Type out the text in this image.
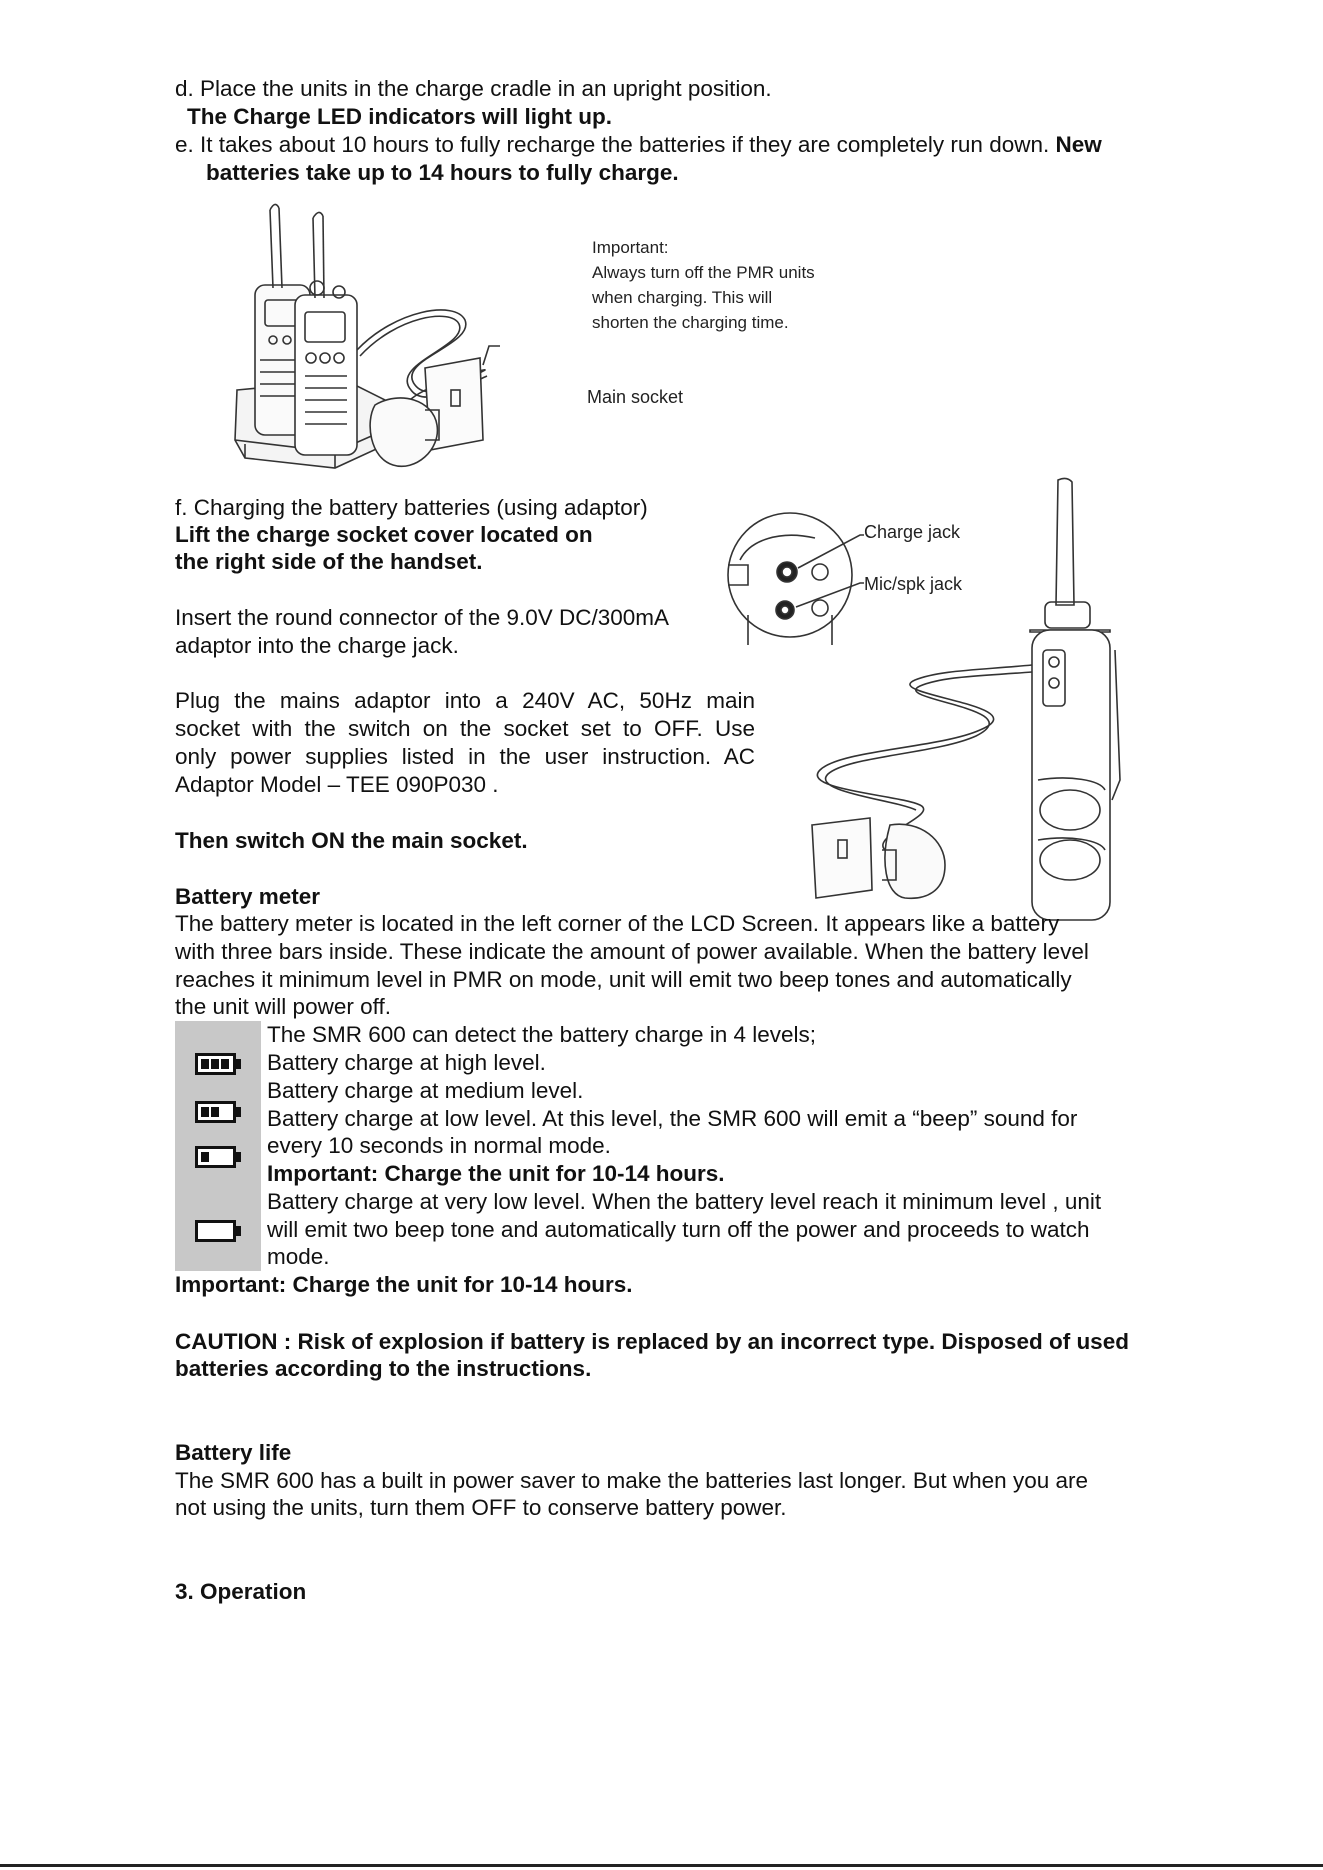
d. Place the units in the charge cradle in an upright position.
The Charge LED indicators will light up.
e. It takes about 10 hours to fully recharge the batteries if they are completely run down. New
batteries take up to 14 hours to fully charge.
Important:
Always turn off the PMR units
when charging. This will
shorten the charging time.
Main socket
f. Charging the battery batteries (using adaptor)
Lift the charge socket cover located on
the right side of the handset.
Insert the round connector of the 9.0V DC/300mA
adaptor into the charge jack.
Plug the mains adaptor into a 240V AC, 50Hz main
socket with the switch on the socket set to OFF. Use
only power supplies listed in the user instruction. AC
Adaptor Model – TEE 090P030 .
Then switch ON the main socket.
Charge jack
Mic/spk jack
Battery meter
The battery meter is located in the left corner of the LCD Screen. It appears like a battery
with three bars inside. These indicate the amount of power available. When the battery level
reaches it minimum level in PMR on mode, unit will emit two beep tones and automatically
the unit will power off.
The SMR 600 can detect the battery charge in 4 levels;
Battery charge at high level.
Battery charge at medium level.
Battery charge at low level. At this level, the SMR 600 will emit a “beep” sound for
every 10 seconds in normal mode.
Important: Charge the unit for 10-14 hours.
Battery charge at very low level. When the battery level reach it minimum level , unit
will emit two beep tone and automatically turn off the power and proceeds to watch
mode.
Important: Charge the unit for 10-14 hours.
CAUTION : Risk of explosion if battery is replaced by an incorrect type. Disposed of used
batteries according to the instructions.
Battery life
The SMR 600 has a built in power saver to make the batteries last longer. But when you are
not using the units, turn them OFF to conserve battery power.
3. Operation
